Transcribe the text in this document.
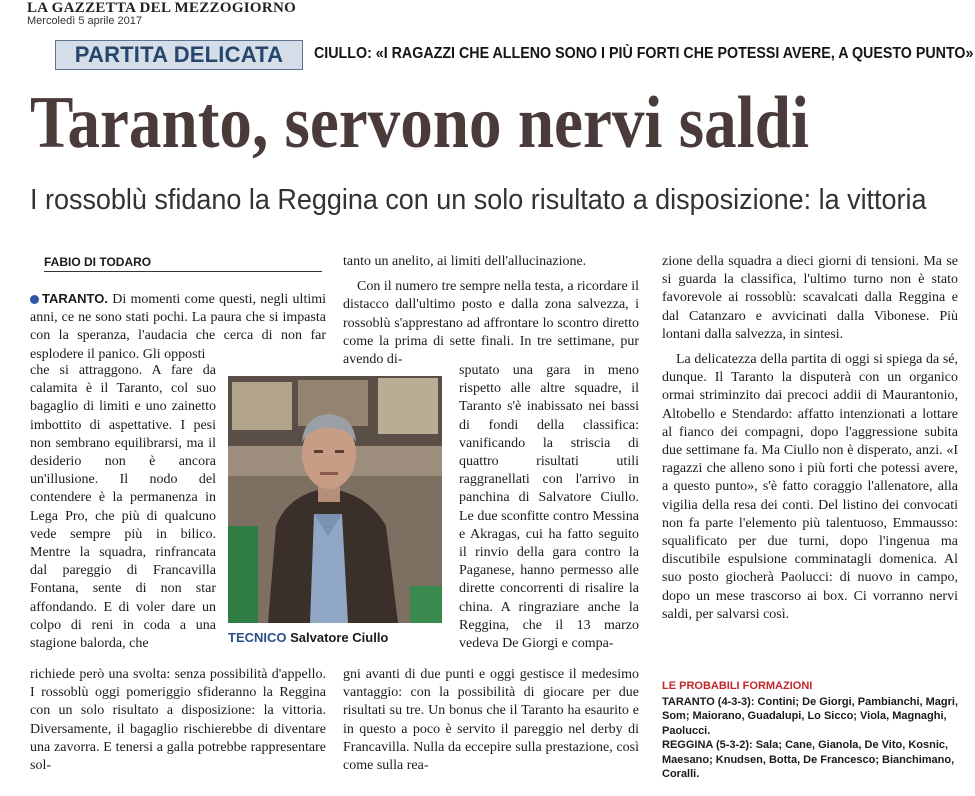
LA GAZZETTA DEL MEZZOGIORNO
Mercoledì 5 aprile 2017
PARTITA DELICATA	CIULLO: «I RAGAZZI CHE ALLENO SONO I PIÙ FORTI CHE POTESSI AVERE, A QUESTO PUNTO»
Taranto, servono nervi saldi
I rossoblù sfidano la Reggina con un solo risultato a disposizione: la vittoria
FABIO DI TODARO
TARANTO. Di momenti come questi, negli ultimi anni, ce ne sono stati pochi. La paura che si impasta con la speranza, l'audacia che cerca di non far esplodere il panico. Gli opposti
che si attraggono. A fare da calamita è il Taranto, col suo bagaglio di limiti e uno zainetto imbottito di aspettative. I pesi non sembrano equilibrarsi, ma il desiderio non è ancora un'illusione. Il nodo del contendere è la permanenza in Lega Pro, che più di qualcuno vede sempre più in bilico. Mentre la squadra, rinfrancata dal pareggio di Francavilla Fontana, sente di non star affondando. E di voler dare un colpo di reni in coda a una stagione balorda, che
richiede però una svolta: senza possibilità d'appello. I rossoblù oggi pomeriggio sfideranno la Reggina con un solo risultato a disposizione: la vittoria. Diversamente, il bagaglio rischierebbe di diventare una zavorra. E tenersi a galla potrebbe rappresentare sol-

tanto un anelito, ai limiti dell'allucinazione.

Con il numero tre sempre nella testa, a ricordare il distacco dall'ultimo posto e dalla zona salvezza, i rossoblù s'apprestano ad affrontare lo scontro diretto come la prima di sette finali. In tre settimane, pur avendo di-

sputato una gara in meno rispetto alle altre squadre, il Taranto s'è inabissato nei bassi di fondi della classifica: vanificando la striscia di quattro risultati utili raggranellati con l'arrivo in panchina di Salvatore Ciullo. Le due sconfitte contro Messina e Akragas, cui ha fatto seguito il rinvio della gara contro la Paganese, hanno permesso alle dirette concorrenti di risalire la china. A ringraziare anche la Reggina, che il 13 marzo vedeva De Giorgi e compa-
gni avanti di due punti e oggi gestisce il medesimo vantaggio: con la possibilità di giocare per due risultati su tre. Un bonus che il Taranto ha esaurito e in questo a poco è servito il pareggio nel derby di Francavilla. Nulla da eccepire sulla prestazione, così come sulla rea-

zione della squadra a dieci giorni di tensioni. Ma se si guarda la classifica, l'ultimo turno non è stato favorevole ai rossoblù: scavalcati dalla Reggina e dal Catanzaro e avvicinati dalla Vibonese. Più lontani dalla salvezza, in sintesi.

La delicatezza della partita di oggi si spiega da sé, dunque. Il Taranto la disputerà con un organico ormai striminzito dai precoci addii di Maurantonio, Altobello e Stendardo: affatto intenzionati a lottare al fianco dei compagni, dopo l'aggressione subita due settimane fa. Ma Ciullo non è disperato, anzi. «I ragazzi che alleno sono i più forti che potessi avere, a questo punto», s'è fatto coraggio l'allenatore, alla vigilia della resa dei conti. Del listino dei convocati non fa parte l'elemento più talentuoso, Emmausso: squalificato per due turni, dopo l'ingenua ma discutibile espulsione comminatagli domenica. Al suo posto giocherà Paolucci: di nuovo in campo, dopo un mese trascorso ai box. Ci vorranno nervi saldi, per salvarsi così.

TECNICO Salvatore Ciullo
LE PROBABILI FORMAZIONI
TARANTO (4-3-3): Contini; De Giorgi, Pambianchi, Magri, Som; Maiorano, Guadalupi, Lo Sicco; Viola, Magnaghi, Paolucci.
REGGINA (5-3-2): Sala; Cane, Gianola, De Vito, Kosnic, Maesano; Knudsen, Botta, De Francesco; Bianchimano, Coralli.
